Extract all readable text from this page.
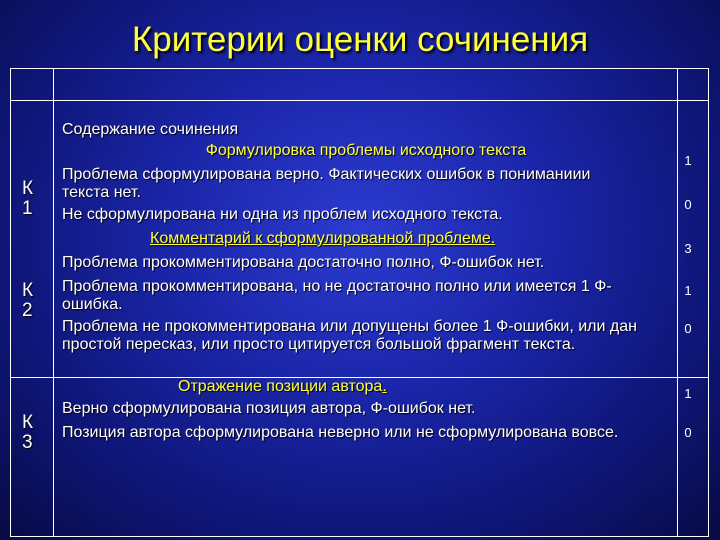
Критерии оценки сочинения
К
1
К
2
К
3
Содержание сочинения
Формулировка проблемы исходного текста
Проблема сформулирована верно. Фактических ошибок в пониманиии текста нет.
Не сформулирована ни одна из проблем исходного текста.
Комментарий к сформулированной проблеме.
Проблема прокомментирована достаточно полно, Ф-ошибок нет.
Проблема прокомментирована, но не достаточно полно или имеется 1 Ф-ошибка.
Проблема не прокомментирована или допущены более 1 Ф-ошибки, или дан простой пересказ, или просто цитируется большой фрагмент текста.
1
0
3
1
0
Отражение позиции автора.
Верно сформулирована позиция автора, Ф-ошибок нет.
Позиция автора сформулирована неверно или не сформулирована вовсе.
1
0
